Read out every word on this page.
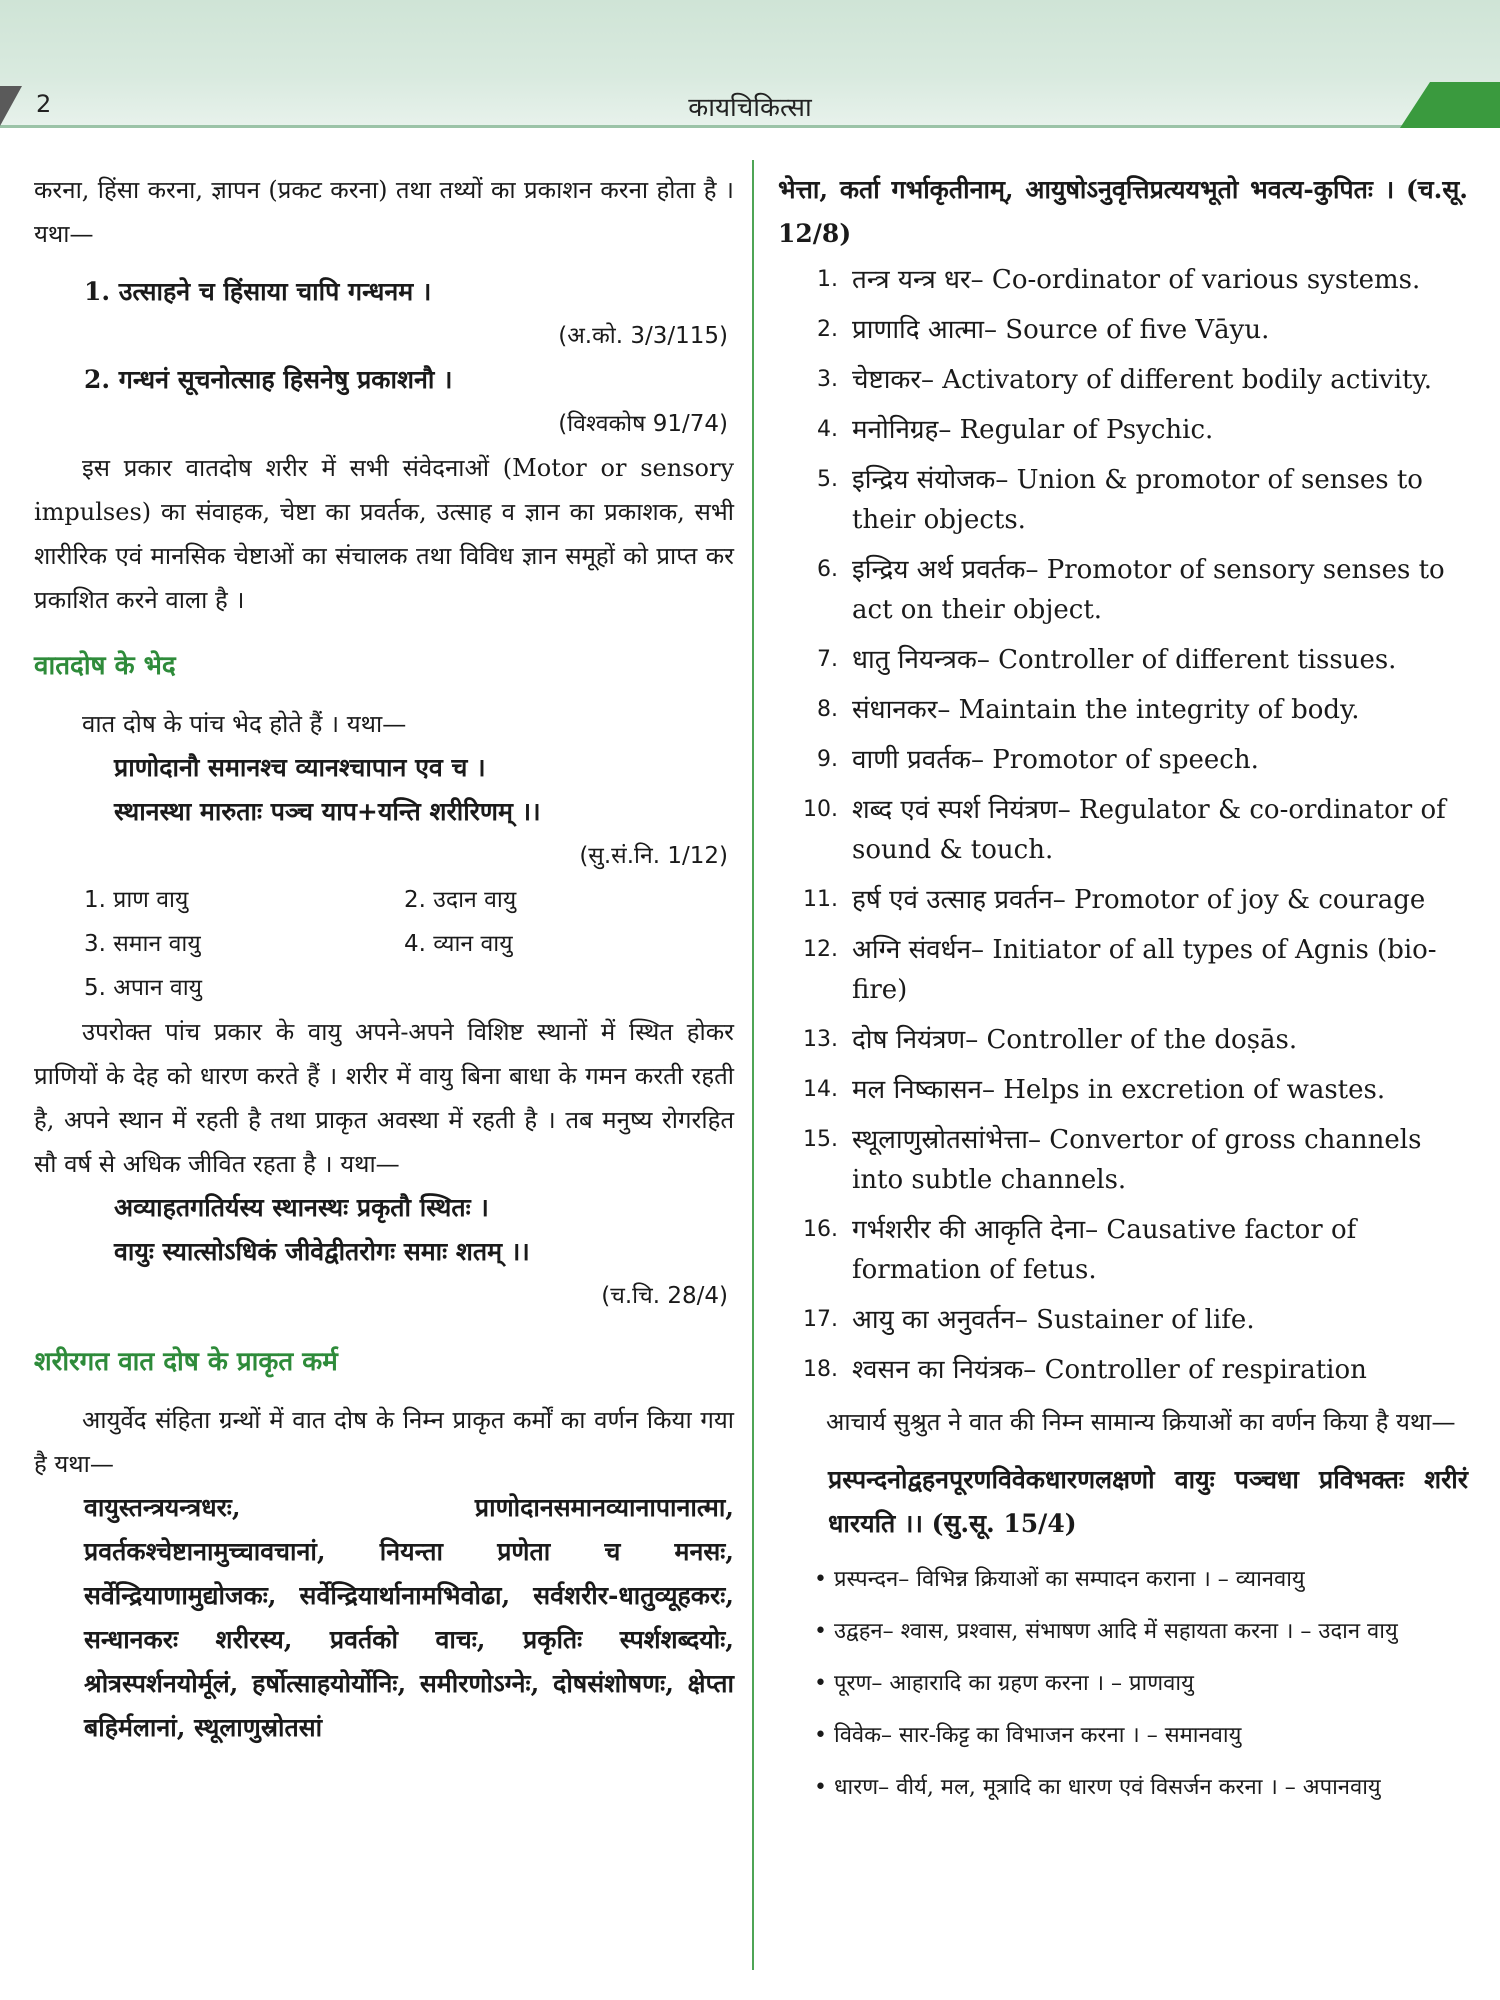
2	कायचिकित्सा

करना, हिंसा करना, ज्ञापन (प्रकट करना) तथा तथ्यों का प्रकाशन करना होता है । यथा—

1. उत्साहने च हिंसाया चापि गन्धनम ।

(अ.को. 3/3/115)

2. गन्धनं सूचनोत्साह हिसनेषु प्रकाशनौ ।

(विश्वकोष 91/74)

इस प्रकार वातदोष शरीर में सभी संवेदनाओं (Motor or sensory impulses) का संवाहक, चेष्टा का प्रवर्तक, उत्साह व ज्ञान का प्रकाशक, सभी शारीरिक एवं मानसिक चेष्टाओं का संचालक तथा विविध ज्ञान समूहों को प्राप्त कर प्रकाशित करने वाला है ।

वातदोष के भेद

वात दोष के पांच भेद होते हैं । यथा—

प्राणोदानौ समानश्च व्यानश्चापान एव च ।

स्थानस्था मारुताः पञ्च याप+यन्ति शरीरिणम् ।।

(सु.सं.नि. 1/12)

1. प्राण वायु	2. उदान वायु
3. समान वायु	4. व्यान वायु
5. अपान वायु

उपरोक्त पांच प्रकार के वायु अपने-अपने विशिष्ट स्थानों में स्थित होकर प्राणियों के देह को धारण करते हैं । शरीर में वायु बिना बाधा के गमन करती रहती है, अपने स्थान में रहती है तथा प्राकृत अवस्था में रहती है । तब मनुष्य रोगरहित सौ वर्ष से अधिक जीवित रहता है । यथा—

अव्याहतगतिर्यस्य स्थानस्थः प्रकृतौ स्थितः ।

वायुः स्यात्सोऽधिकं जीवेद्वीतरोगः समाः शतम् ।।

(च.चि. 28/4)

शरीरगत वात दोष के प्राकृत कर्म

आयुर्वेद संहिता ग्रन्थों में वात दोष के निम्न प्राकृत कर्मों का वर्णन किया गया है यथा—

वायुस्तन्त्रयन्त्रधरः, प्राणोदानसमानव्यानापानात्मा, प्रवर्तकश्चेष्टानामुच्चावचानां, नियन्ता प्रणेता च मनसः, सर्वेन्द्रियाणामुद्योजकः, सर्वेन्द्रियार्थानामभिवोढा, सर्वशरीर-धातुव्यूहकरः, सन्धानकरः शरीरस्य, प्रवर्तको वाचः, प्रकृतिः स्पर्शशब्दयोः, श्रोत्रस्पर्शनयोर्मूलं, हर्षोत्साहयोर्योनिः, समीरणोऽग्नेः, दोषसंशोषणः, क्षेप्ता बहिर्मलानां, स्थूलाणुस्रोतसां

भेत्ता, कर्ता गर्भाकृतीनाम्, आयुषोऽनुवृत्तिप्रत्ययभूतो भवत्य-कुपितः । (च.सू. 12/8)

1. तन्त्र यन्त्र धर– Co-ordinator of various systems.
2. प्राणादि आत्मा– Source of five Vāyu.
3. चेष्टाकर– Activatory of different bodily activity.
4. मनोनिग्रह– Regular of Psychic.
5. इन्द्रिय संयोजक– Union & promotor of senses to their objects.
6. इन्द्रिय अर्थ प्रवर्तक– Promotor of sensory senses to act on their object.
7. धातु नियन्त्रक– Controller of different tissues.
8. संधानकर– Maintain the integrity of body.
9. वाणी प्रवर्तक– Promotor of speech.
10. शब्द एवं स्पर्श नियंत्रण– Regulator & co-ordinator of sound & touch.
11. हर्ष एवं उत्साह प्रवर्तन– Promotor of joy & courage
12. अग्नि संवर्धन– Initiator of all types of Agnis (bio-fire)
13. दोष नियंत्रण– Controller of the doṣās.
14. मल निष्कासन– Helps in excretion of wastes.
15. स्थूलाणुस्रोतसांभेत्ता– Convertor of gross channels into subtle channels.
16. गर्भशरीर की आकृति देना– Causative factor of formation of fetus.
17. आयु का अनुवर्तन– Sustainer of life.
18. श्वसन का नियंत्रक– Controller of respiration

आचार्य सुश्रुत ने वात की निम्न सामान्य क्रियाओं का वर्णन किया है यथा—

प्रस्पन्दनोद्वहनपूरणविवेकधारणलक्षणो वायुः पञ्चधा प्रविभक्तः शरीरं धारयति ।। (सु.सू. 15/4)

• प्रस्पन्दन– विभिन्न क्रियाओं का सम्पादन कराना । – व्यानवायु
• उद्वहन– श्वास, प्रश्वास, संभाषण आदि में सहायता करना । – उदान वायु
• पूरण– आहारादि का ग्रहण करना । – प्राणवायु
• विवेक– सार-किट्ट का विभाजन करना । – समानवायु
• धारण– वीर्य, मल, मूत्रादि का धारण एवं विसर्जन करना । – अपानवायु
